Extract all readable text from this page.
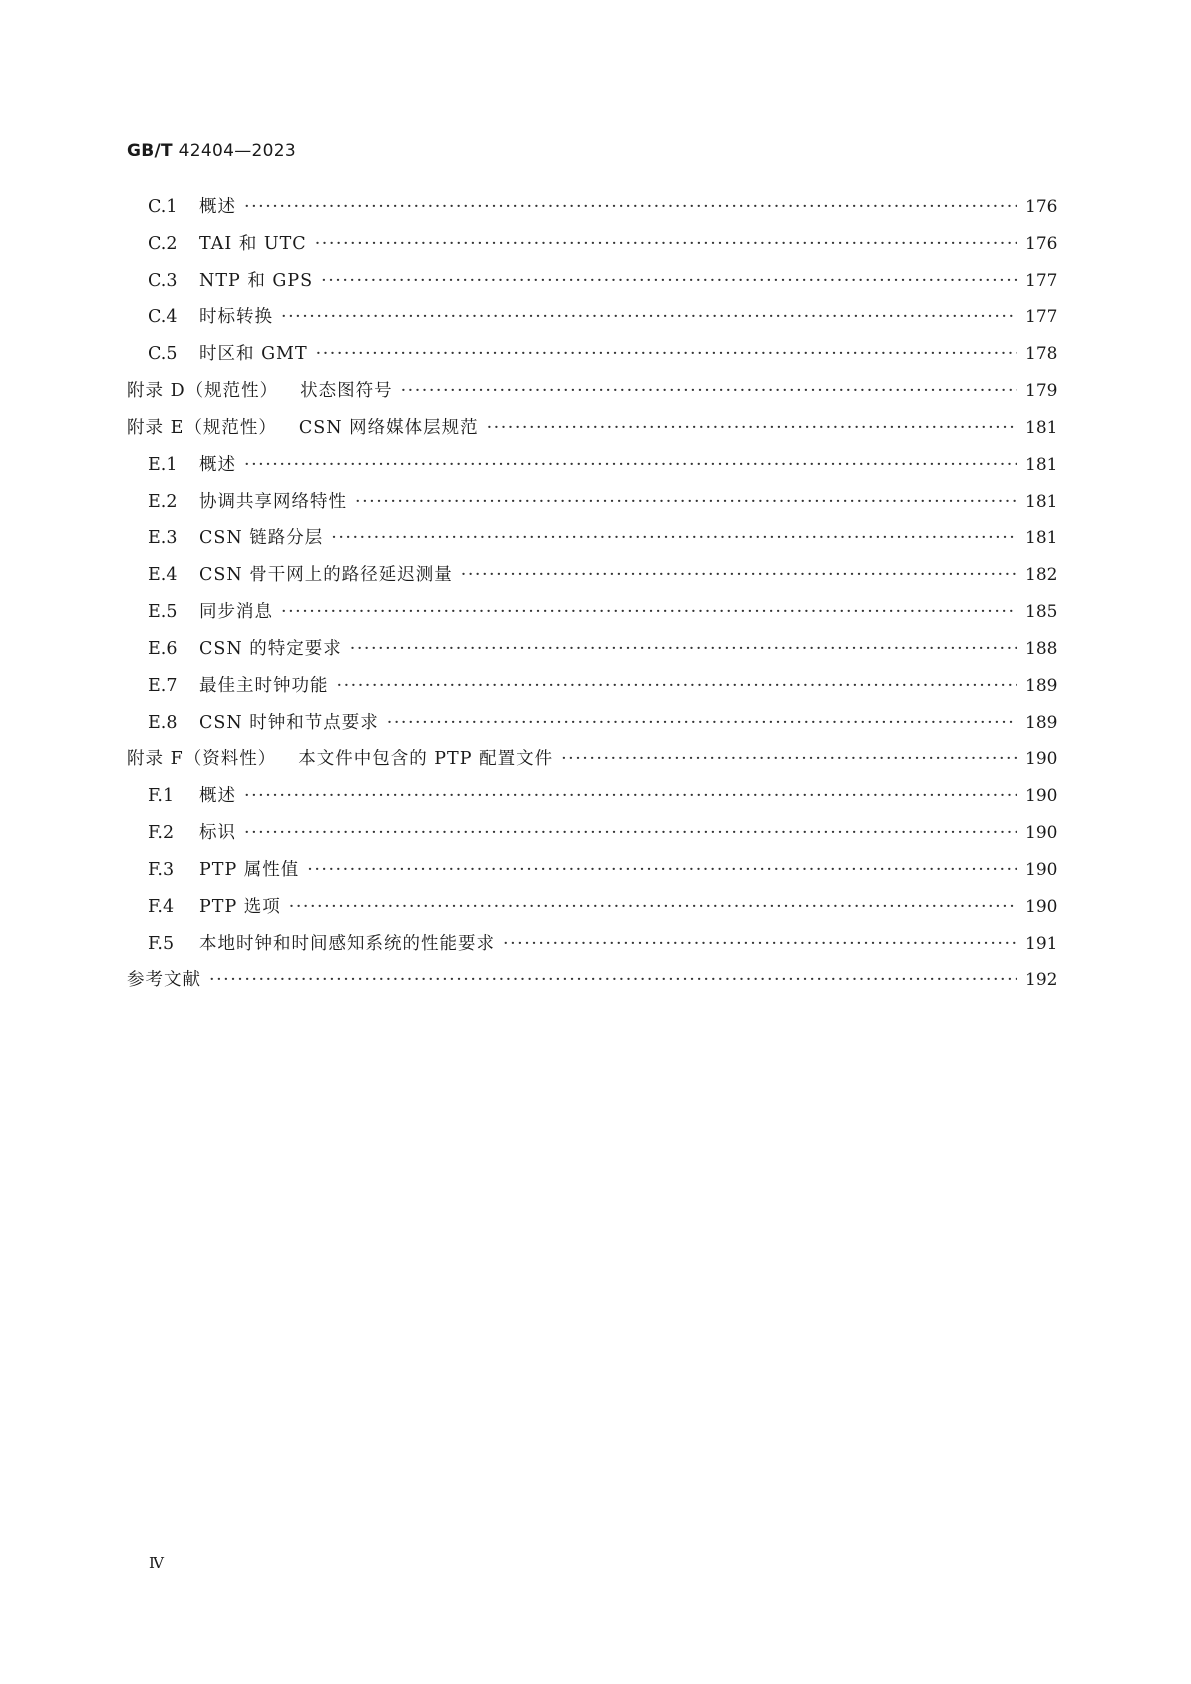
GB/T 42404—2023
C.1	概述 ·····	176
C.2	TAI 和 UTC ·····	176
C.3	NTP 和 GPS ·····	177
C.4	时标转换 ·····	177
C.5	时区和 GMT ·····	178
附录 D（规范性） 状态图符号 ·····	179
附录 E（规范性） CSN 网络媒体层规范 ·····	181
E.1	概述 ·····	181
E.2	协调共享网络特性 ·····	181
E.3	CSN 链路分层 ·····	181
E.4	CSN 骨干网上的路径延迟测量 ·····	182
E.5	同步消息 ·····	185
E.6	CSN 的特定要求 ·····	188
E.7	最佳主时钟功能 ·····	189
E.8	CSN 时钟和节点要求 ·····	189
附录 F（资料性） 本文件中包含的 PTP 配置文件 ·····	190
F.1	概述 ·····	190
F.2	标识 ·····	190
F.3	PTP 属性值 ·····	190
F.4	PTP 选项 ·····	190
F.5	本地时钟和时间感知系统的性能要求 ·····	191
参考文献 ·····	192
Ⅳ
